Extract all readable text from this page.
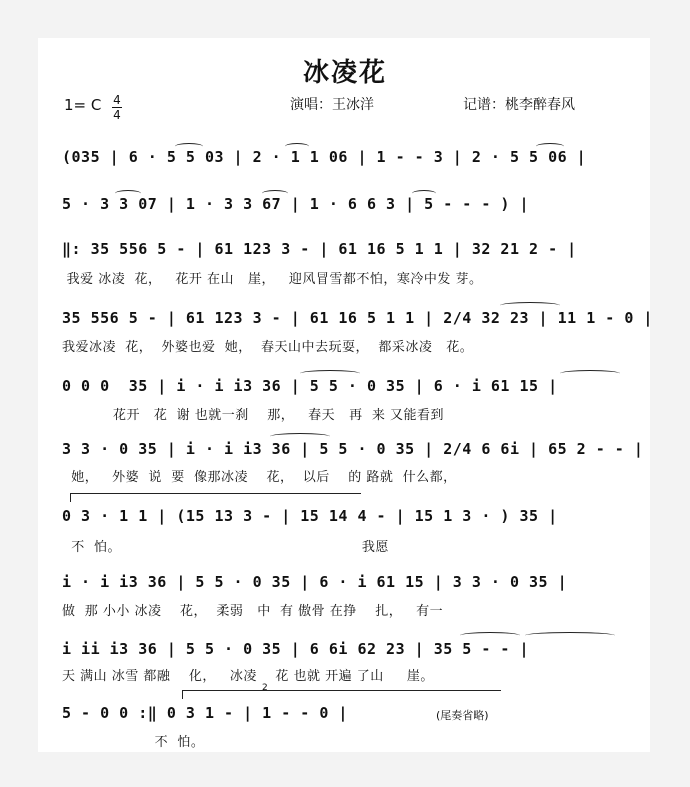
冰凌花
1= C 4
4
演唱：王冰洋	记谱：桃李醉春风
(035 | 6 · 5 5 03 | 2 · 1 1 06 | 1 - - 3 | 2 · 5 5 06 |
5 · 3 3 07 | 1 · 3 3 67 | 1 · 6 6 3 | 5 - - - ) |
‖: 35 556 5 - | 61 123 3 - | 61 16 5 1 1 | 32 21 2 - |
我爱 冰凌  花，   花开 在山   崖，   迎风冒雪都不怕，寒冷中发 芽。
35 556 5 - | 61 123 3 - | 61 16 5 1 1 | 2/4 32 23 | 11 1 - 0 |
我爱冰凌  花，  外婆也爱  她，  春天山中去玩耍，  都采冰凌   花。
0 0 0  35 | i · i i3 36 | 5 5 · 0 35 | 6 · i 61 15 |
花开   花  谢 也就一刹    那，   春天   再  来 又能看到
3 3 · 0 35 | i · i i3 36 | 5 5 · 0 35 | 2/4 6 6i | 65 2 - - |
她，   外婆  说  要  像那冰凌    花，  以后    的 路就  什么都，
0 3 · 1 1 | (15 13 3 - | 15 14 4 - | 15 1 3 · ) 35 |
不  怕。                                                    我愿
i · i i3 36 | 5 5 · 0 35 | 6 · i 61 15 | 3 3 · 0 35 |
做  那 小小 冰凌    花，  柔弱   中  有 傲骨 在挣    扎，   有一
i ii i3 36 | 5 5 · 0 35 | 6 6i 62 23 | 35 5 - - |
天 满山 冰雪 都融    化，   冰凌    花 也就 开遍 了山     崖。
5 - 0 0 :‖ 0 3 1 - | 1 - - 0 |
不  怕。
2
(尾奏省略)
